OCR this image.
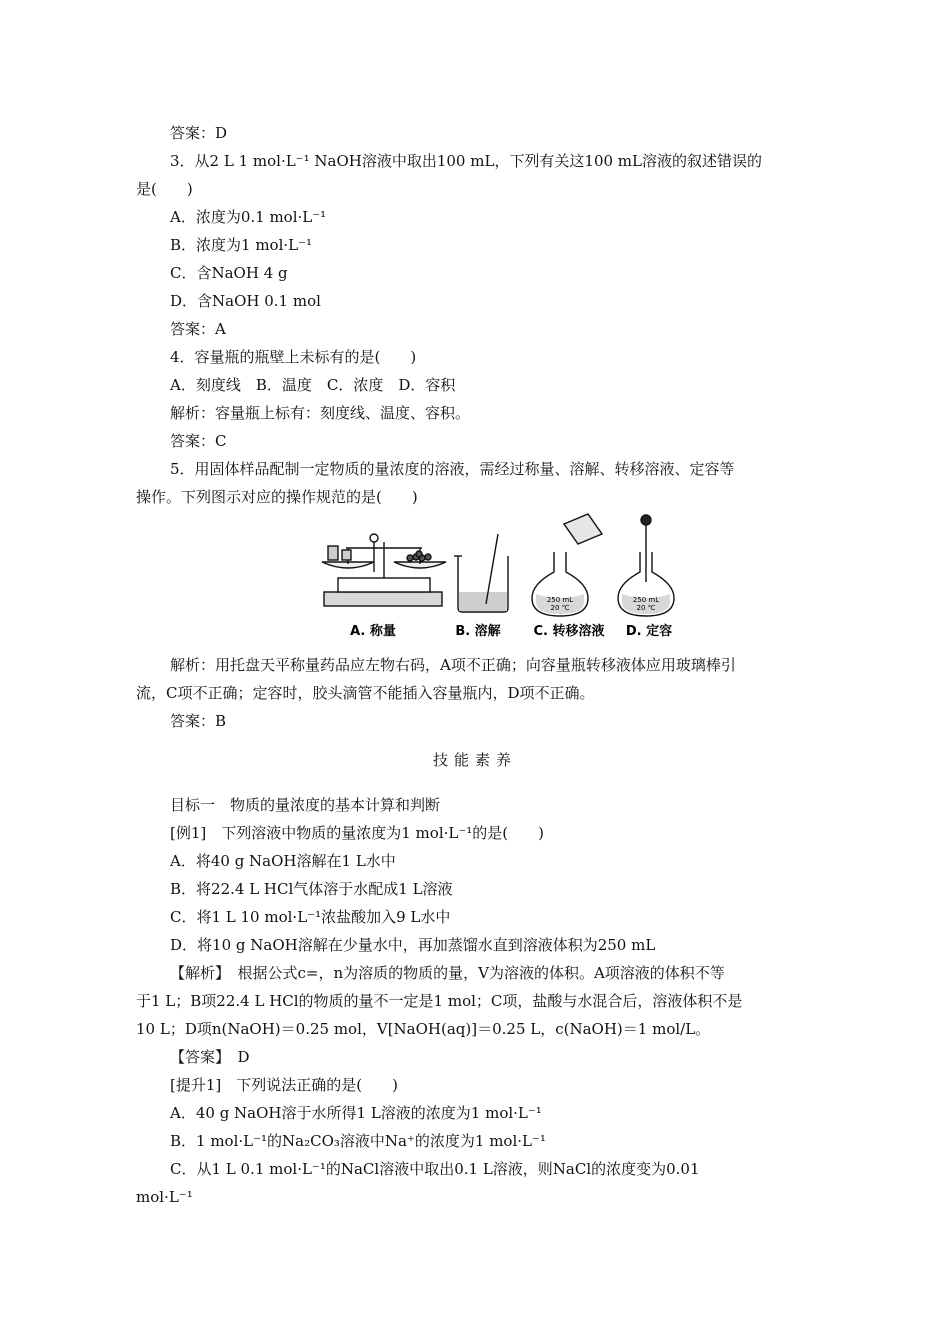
答案：D
3．从2 L 1 mol·L⁻¹ NaOH溶液中取出100 mL，下列有关这100 mL溶液的叙述错误的
是(　　)
A．浓度为0.1 mol·L⁻¹
B．浓度为1 mol·L⁻¹
C．含NaOH 4 g
D．含NaOH 0.1 mol
答案：A
4．容量瓶的瓶壁上未标有的是(　　)
A．刻度线　B．温度　C．浓度　D．容积
解析：容量瓶上标有：刻度线、温度、容积。
答案：C
5．用固体样品配制一定物质的量浓度的溶液，需经过称量、溶解、转移溶液、定容等
操作。下列图示对应的操作规范的是(　　)
250 mL
20 ℃
250 mL
20 ℃
A. 称量	B. 溶解	C. 转移溶液 D. 定容
解析：用托盘天平称量药品应左物右码，A项不正确；向容量瓶转移液体应用玻璃棒引
流，C项不正确；定容时，胶头滴管不能插入容量瓶内，D项不正确。
答案：B
技能素养
目标一　物质的量浓度的基本计算和判断
[例1]　下列溶液中物质的量浓度为1 mol·L⁻¹的是(　　)
A．将40 g NaOH溶解在1 L水中
B．将22.4 L HCl气体溶于水配成1 L溶液
C．将1 L 10 mol·L⁻¹浓盐酸加入9 L水中
D．将10 g NaOH溶解在少量水中，再加蒸馏水直到溶液体积为250 mL
【解析】　根据公式c=，n为溶质的物质的量，V为溶液的体积。A项溶液的体积不等
于1 L；B项22.4 L HCl的物质的量不一定是1 mol；C项，盐酸与水混合后，溶液体积不是
10 L；D项n(NaOH)＝0.25 mol，V[NaOH(aq)]＝0.25 L，c(NaOH)＝1 mol/L。
【答案】　D
[提升1]　下列说法正确的是(　　)
A．40 g NaOH溶于水所得1 L溶液的浓度为1 mol·L⁻¹
B．1 mol·L⁻¹的Na₂CO₃溶液中Na⁺的浓度为1 mol·L⁻¹
C．从1 L 0.1 mol·L⁻¹的NaCl溶液中取出0.1 L溶液，则NaCl的浓度变为0.01
mol·L⁻¹
